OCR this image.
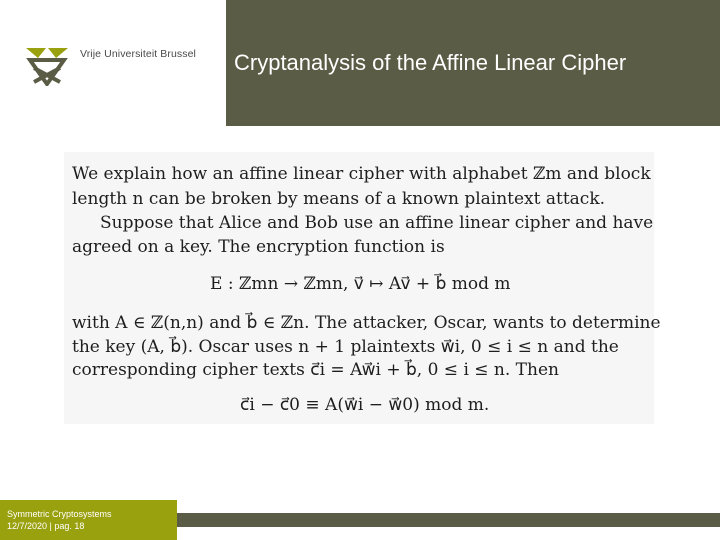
Vrije Universiteit Brussel Cryptanalysis of the Affine Linear Cipher
We explain how an affine linear cipher with alphabet ℤm and block
length n can be broken by means of a known plaintext attack.
Suppose that Alice and Bob use an affine linear cipher and have
agreed on a key. The encryption function is
E : ℤmn → ℤmn, v⃗ ↦ Av⃗ + b⃗ mod m
with A ∈ ℤ(n,n) and b⃗ ∈ ℤn. The attacker, Oscar, wants to determine
the key (A, b⃗). Oscar uses n + 1 plaintexts w⃗i, 0 ≤ i ≤ n and the
corresponding cipher texts c⃗i = Aw⃗i + b⃗, 0 ≤ i ≤ n. Then
c⃗i − c⃗0 ≡ A(w⃗i − w⃗0) mod m.
Symmetric Cryptosystems
12/7/2020 | pag. 18
